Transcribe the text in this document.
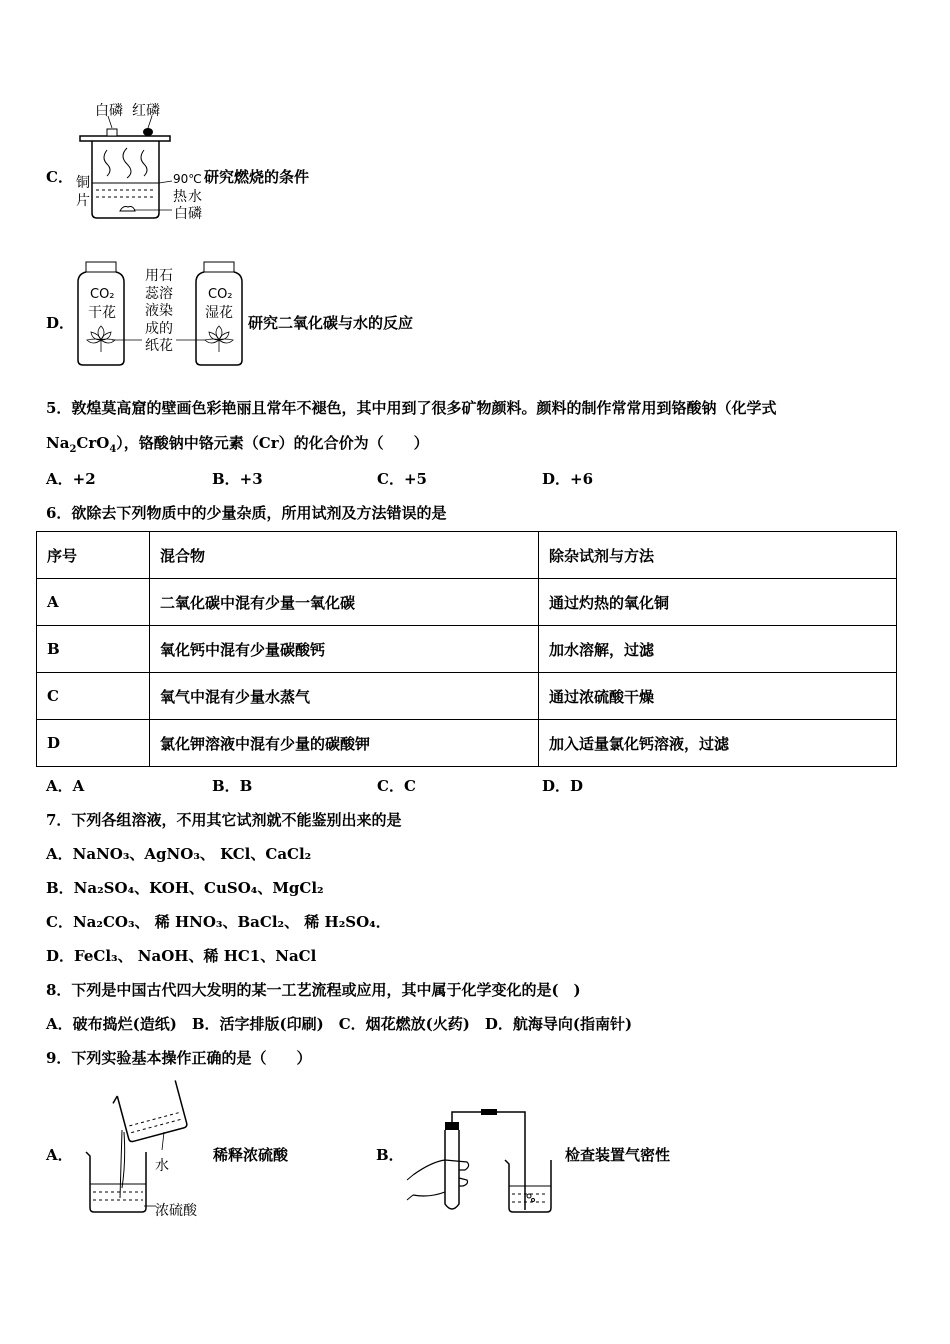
C．
白磷 红磷
铜
片
90℃
热 水
白磷
研究燃烧的条件
D．
CO₂
干花
CO₂
湿花
用石
蕊溶
液染
成的
纸花
研究二氧化碳与水的反应
5．敦煌莫高窟的壁画色彩艳丽且常年不褪色，其中用到了很多矿物颜料。颜料的制作常常用到铬酸钠（化学式
$Na_2CrO_4$），铬酸钠中铬元素（Cr）的化合价为（　　）
A．+2	B．+3	C．+5	D．+6
6．欲除去下列物质中的少量杂质，所用试剂及方法错误的是
序号	混合物	除杂试剂与方法
A	二氧化碳中混有少量一氧化碳	通过灼热的氧化铜
B	氧化钙中混有少量碳酸钙	加水溶解，过滤
C	氧气中混有少量水蒸气	通过浓硫酸干燥
D	氯化钾溶液中混有少量的碳酸钾	加入适量氯化钙溶液，过滤
A．A	B．B	C．C	D．D
7．下列各组溶液，不用其它试剂就不能鉴别出来的是
A．NaNO₃、AgNO₃、 KCl、CaCl₂
B．Na₂SO₄、KOH、CuSO₄、MgCl₂
C．Na₂CO₃、 稀 HNO₃、BaCl₂、 稀 H₂SO₄．
D．FeCl₃、 NaOH、稀 HC1、NaCl
8．下列是中国古代四大发明的某一工艺流程或应用，其中属于化学变化的是(　)
A．破布捣烂(造纸)　B．活字排版(印刷)　C．烟花燃放(火药)　D．航海导向(指南针)
9．下列实验基本操作正确的是（　　）
A．
水
浓硫酸
稀释浓硫酸	B．	检查装置气密性
